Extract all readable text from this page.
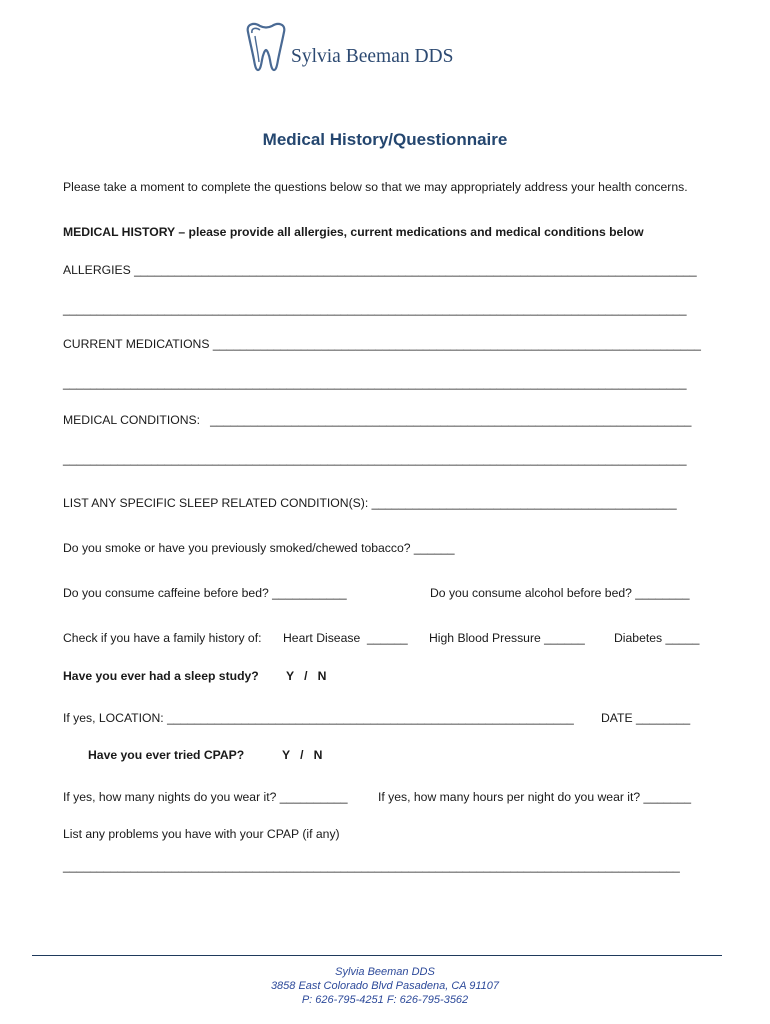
Sylvia Beeman DDS
Medical History/Questionnaire
Please take a moment to complete the questions below so that we may appropriately address your health concerns.
MEDICAL HISTORY – please provide all allergies, current medications and medical conditions below
ALLERGIES ___________________________________________________________________________________
____________________________________________________________________________________________
CURRENT MEDICATIONS ________________________________________________________________________
____________________________________________________________________________________________
MEDICAL CONDITIONS:   _______________________________________________________________________
____________________________________________________________________________________________
LIST ANY SPECIFIC SLEEP RELATED CONDITION(S): _____________________________________________
Do you smoke or have you previously smoked/chewed tobacco? ______
Do you consume caffeine before bed? ___________	Do you consume alcohol before bed? ________
Check if you have a family history of: Heart Disease  ______ High Blood Pressure ______ Diabetes _____
Have you ever had a sleep study? Y   /   N
If yes, LOCATION: ____________________________________________________________ DATE ________
Have you ever tried CPAP?	Y   /   N
If yes, how many nights do you wear it? __________ If yes, how many hours per night do you wear it? _______
List any problems you have with your CPAP (if any)
___________________________________________________________________________________________
Sylvia Beeman DDS
3858 East Colorado Blvd Pasadena, CA 91107
P: 626-795-4251 F: 626-795-3562
